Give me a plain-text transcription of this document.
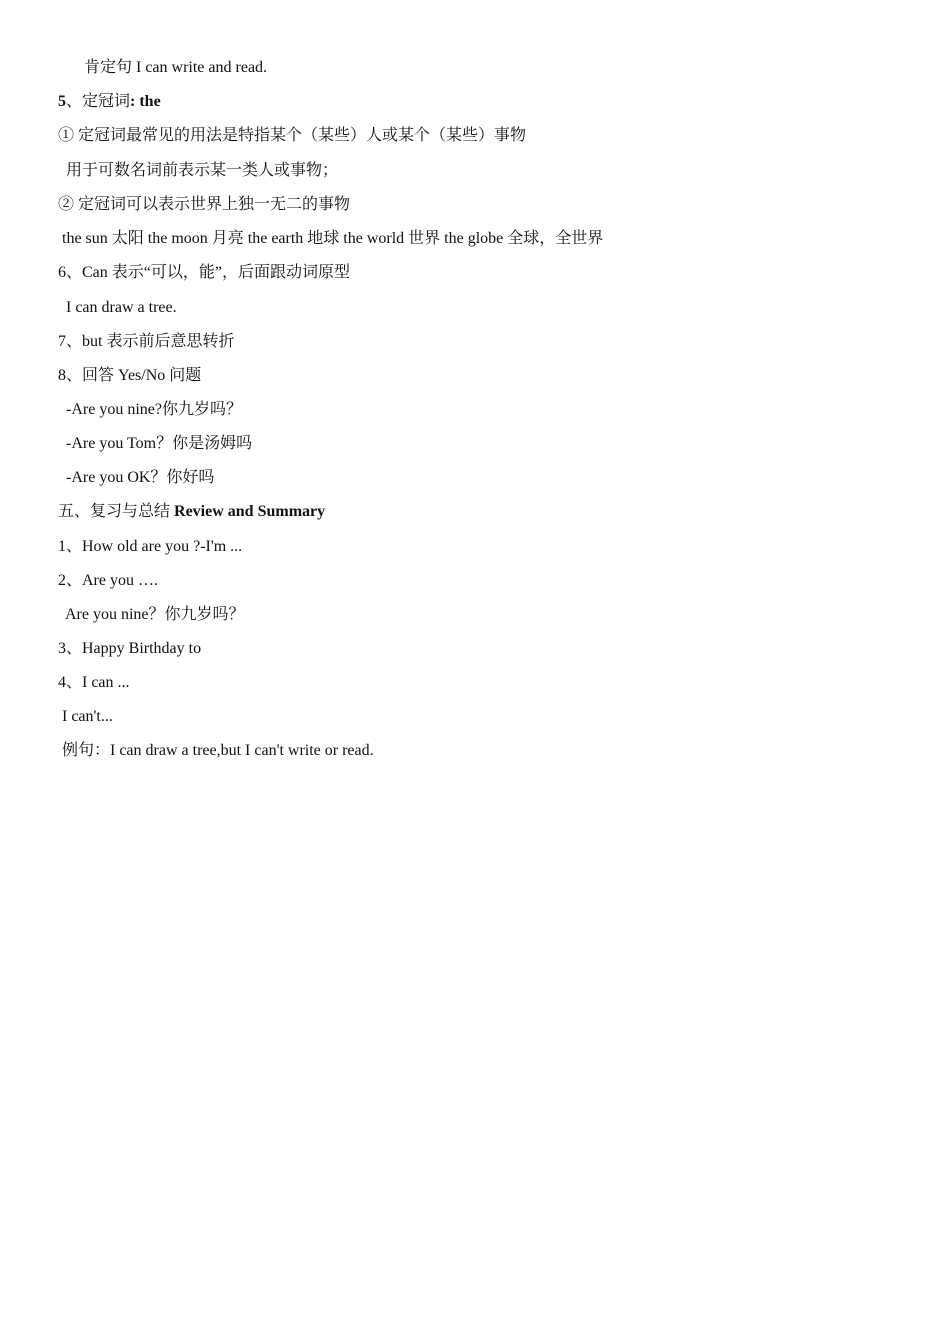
肯定句 I can write and read.
5、定冠词: the
① 定冠词最常见的用法是特指某个（某些）人或某个（某些）事物
用于可数名词前表示某一类人或事物；
② 定冠词可以表示世界上独一无二的事物
the sun 太阳 the moon 月亮 the earth 地球 the world 世界 the globe 全球，全世界
6、Can 表示“可以，能”，后面跟动词原型
I can draw a tree.
7、but 表示前后意思转折
8、回答 Yes/No 问题
-Are you nine?你九岁吗？
-Are you Tom？你是汤姆吗
-Are you OK？你好吗
五、复习与总结 Review and Summary
1、How old are you ?-I'm ...
2、Are you ….
Are you nine？你九岁吗？
3、Happy Birthday to
4、I can ...
I can't...
例句：I can draw a tree,but I can't write or read.
